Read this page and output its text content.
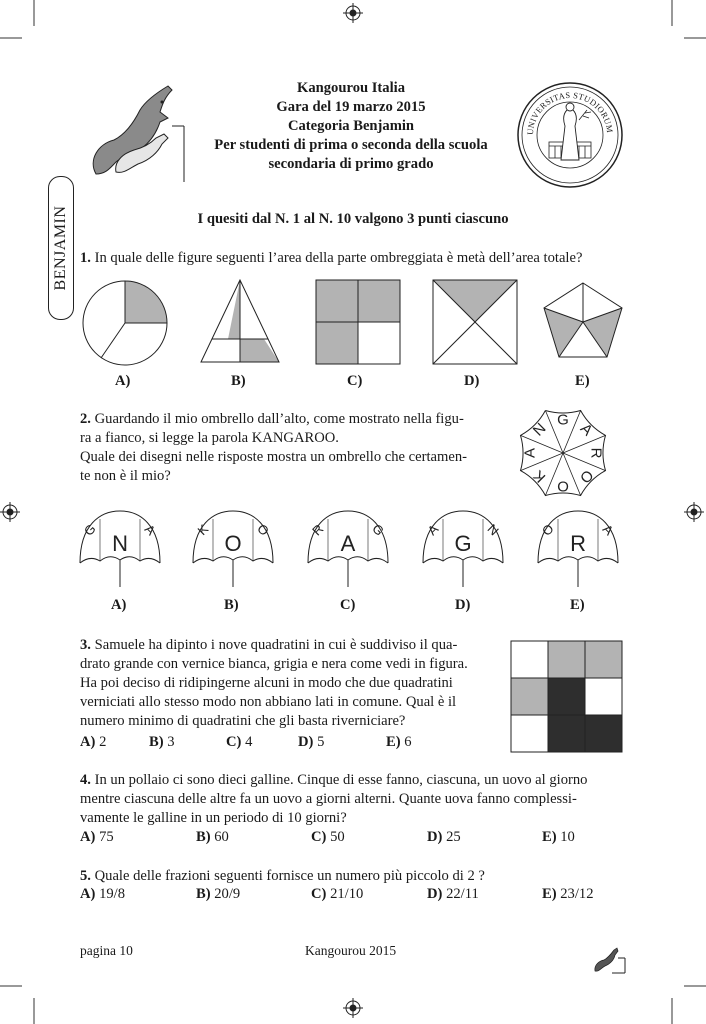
Kangourou Italia
Gara del 19 marzo 2015
Categoria Benjamin
Per studenti di prima o seconda della scuola
secondaria di primo grado
UNIVERSITAS STUDIORUM MEDIOLANENSIS
BENJAMIN	I quesiti dal N. 1 al N. 10 valgono 3 punti ciascuno
1. In quale delle figure seguenti l’area della parte ombreggiata è metà dell’area totale?
A)	B)	C)	D)	E)
2. Guardando il mio ombrello dall’alto, come mostrato nella figu-
ra a fianco, si legge la parola KANGAROO.
Quale dei disegni nelle risposte mostra un ombrello che certamen-
te non è il mio?
G
A
R
O
O
K
A
N
G
N
A	K
O
O	R
A
G	A
G
N	O
R
A
A)	B)	C)	D)	E)
3. Samuele ha dipinto i nove quadratini in cui è suddiviso il qua-
drato grande con vernice bianca, grigia e nera come vedi in figura.
Ha poi deciso di ridipingerne alcuni in modo che due quadratini
verniciati allo stesso modo non abbiano lati in comune. Qual è il
numero minimo di quadratini che gli basta riverniciare?
A) 2	B) 3	C) 4	D) 5	E) 6
4. In un pollaio ci sono dieci galline. Cinque di esse fanno, ciascuna, un uovo al giorno
mentre ciascuna delle altre fa un uovo a giorni alterni. Quante uova fanno complessi-
vamente le galline in un periodo di 10 giorni?
A) 75	B) 60	C) 50	D) 25	E) 10
5. Quale delle frazioni seguenti fornisce un numero più piccolo di 2 ?
A) 19/8	B) 20/9	C) 21/10	D) 22/11	E) 23/12
pagina 10	Kangourou 2015
